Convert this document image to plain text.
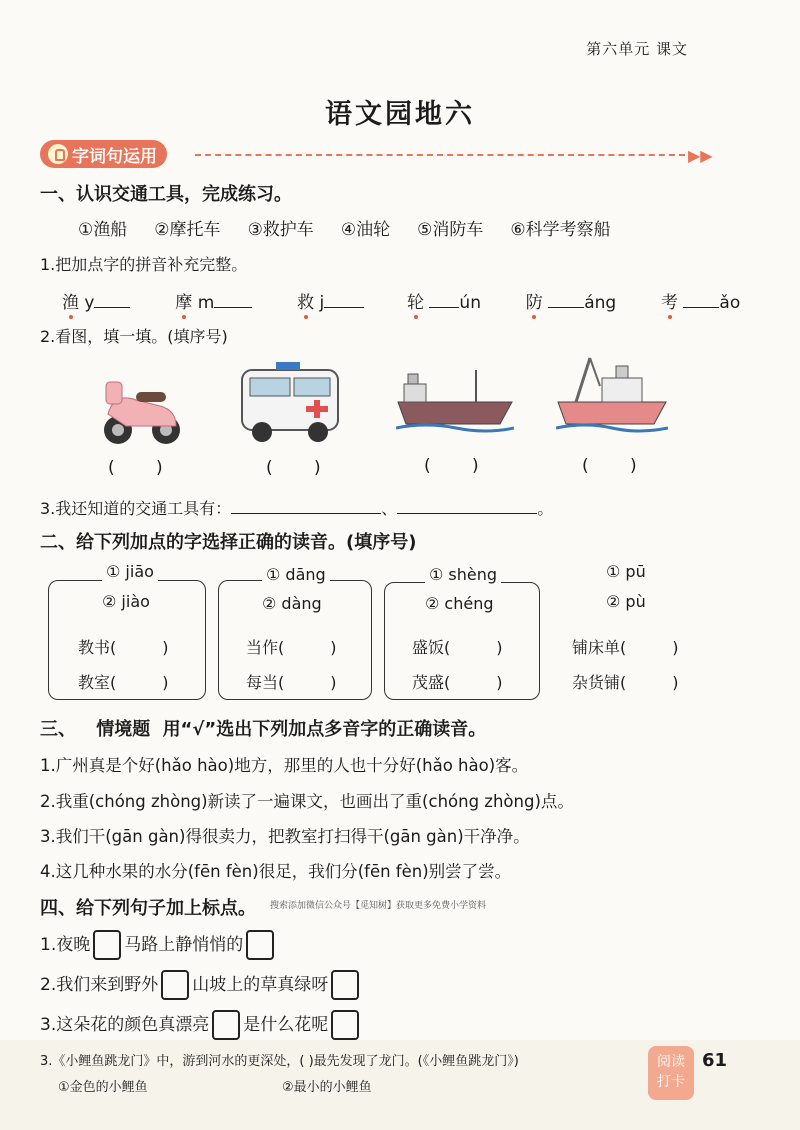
第六单元 课文
语文园地六
字词句运用	▶▶
一、认识交通工具，完成练习。
①渔船 ②摩托车 ③救护车 ④油轮 ⑤消防车 ⑥科学考察船
1.把加点字的拼音补充完整。
渔 y	摩 m	救 j	轮 ún	防 áng	考 ǎo
2.看图，填一填。(填序号)
( )	( )	( )	( )
3.我还知道的交通工具有：	、	。
二、给下列加点的字选择正确的读音。(填序号)
① jiāo
② jiào
① dāng
② dàng
① shèng
② chéng
① pū
② pù
教书(	)
教室(	)
当作(	)
每当(	)
盛饭(	)
茂盛(	)
铺床单(	)
杂货铺(	)
三、 情境题 用“√”选出下列加点多音字的正确读音。
1.广州真是个好(hǎo hào)地方，那里的人也十分好(hǎo hào)客。
2.我重(chóng zhòng)新读了一遍课文，也画出了重(chóng zhòng)点。
3.我们干(gān gàn)得很卖力，把教室打扫得干(gān gàn)干净净。
4.这几种水果的水分(fēn fèn)很足，我们分(fēn fèn)别尝了尝。
四、给下列句子加上标点。 搜索添加微信公众号【觅知树】获取更多免费小学资料
1.夜晚 马路上静悄悄的
2.我们来到野外 山坡上的草真绿呀
3.这朵花的颜色真漂亮 是什么花呢
3.《小鲤鱼跳龙门》中，游到河水的更深处，( )最先发现了龙门。(《小鲤鱼跳龙门》)
①金色的小鲤鱼	②最小的小鲤鱼
阅读
打卡
61
